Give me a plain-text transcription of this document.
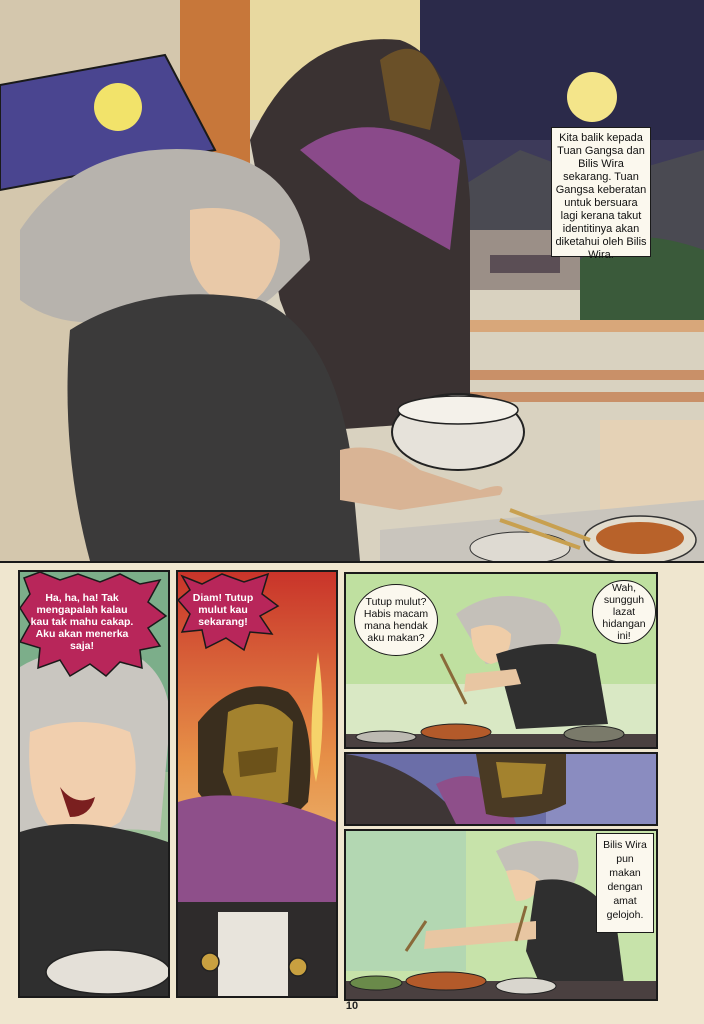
Kita balik kepada Tuan Gangsa dan Bilis Wira sekarang. Tuan Gangsa keberatan untuk bersuara lagi kerana takut identitinya akan diketahui oleh Bilis Wira.
Ha, ha, ha! Tak mengapalah kalau kau tak mahu cakap. Aku akan menerka saja!
Diam! Tutup mulut kau sekarang!
Tutup mulut? Habis macam mana hendak aku makan?
Wah, sungguh lazat hidangan ini!
Bilis Wira pun makan dengan amat gelojoh.
10
